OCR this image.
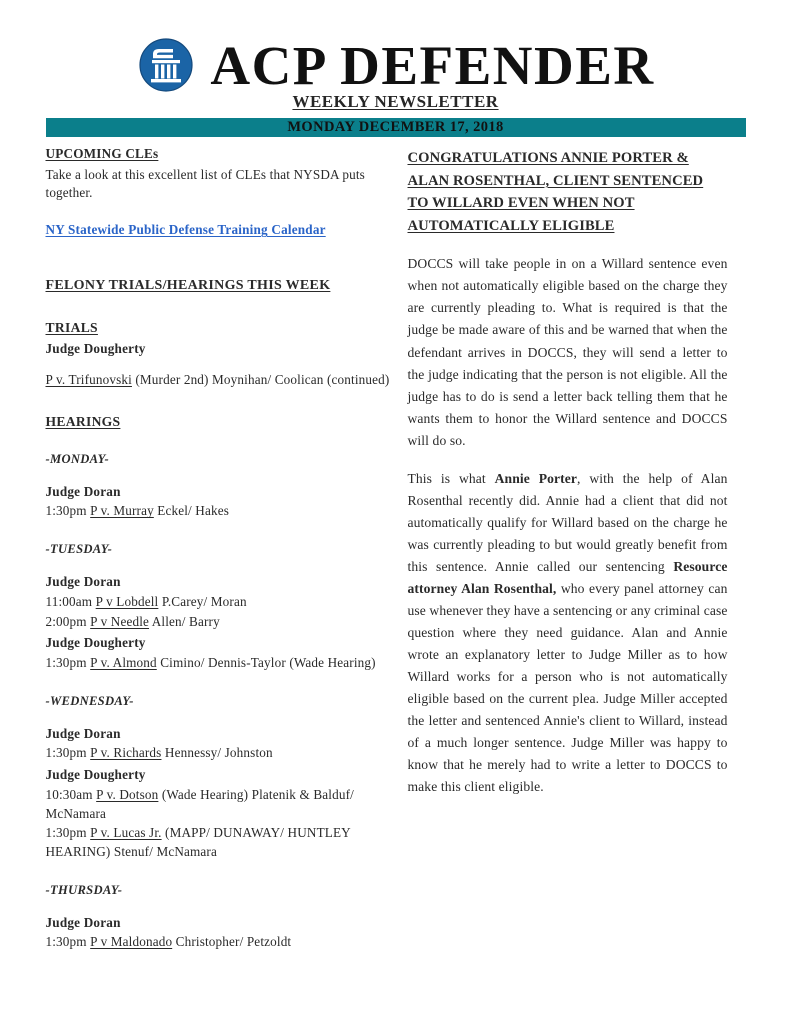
ACP DEFENDER
WEEKLY NEWSLETTER
MONDAY DECEMBER 17, 2018
UPCOMING CLEs

Take a look at this excellent list of CLEs that NYSDA puts together.

NY Statewide Public Defense Training Calendar
FELONY TRIALS/HEARINGS THIS WEEK
TRIALS
Judge Dougherty

P v. Trifunovski (Murder 2nd) Moynihan/ Coolican (continued)

HEARINGS
-MONDAY-
Judge Doran

1:30pm P v. Murray Eckel/ Hakes

-TUESDAY-
Judge Doran

11:00am P v Lobdell P.Carey/ Moran

2:00pm P v Needle Allen/ Barry

Judge Dougherty

1:30pm P v. Almond Cimino/ Dennis-Taylor (Wade Hearing)

-WEDNESDAY-
Judge Doran

1:30pm P v. Richards Hennessy/ Johnston

Judge Dougherty

10:30am P v. Dotson (Wade Hearing) Platenik & Balduf/ McNamara

1:30pm P v. Lucas Jr. (MAPP/ DUNAWAY/ HUNTLEY HEARING) Stenuf/ McNamara

-THURSDAY-
Judge Doran

1:30pm P v Maldonado Christopher/ Petzoldt

CONGRATULATIONS ANNIE PORTER & ALAN ROSENTHAL, CLIENT SENTENCED TO WILLARD EVEN WHEN NOT AUTOMATICALLY ELIGIBLE

DOCCS will take people in on a Willard sentence even when not automatically eligible based on the charge they are currently pleading to. What is required is that the judge be made aware of this and be warned that when the defendant arrives in DOCCS, they will send a letter to the judge indicating that the person is not eligible. All the judge has to do is send a letter back telling them that he wants them to honor the Willard sentence and DOCCS will do so.

This is what Annie Porter, with the help of Alan Rosenthal recently did. Annie had a client that did not automatically qualify for Willard based on the charge he was currently pleading to but would greatly benefit from this sentence. Annie called our sentencing Resource attorney Alan Rosenthal, who every panel attorney can use whenever they have a sentencing or any criminal case question where they need guidance. Alan and Annie wrote an explanatory letter to Judge Miller as to how Willard works for a person who is not automatically eligible based on the current plea. Judge Miller accepted the letter and sentenced Annie's client to Willard, instead of a much longer sentence. Judge Miller was happy to know that he merely had to write a letter to DOCCS to make this client eligible.
